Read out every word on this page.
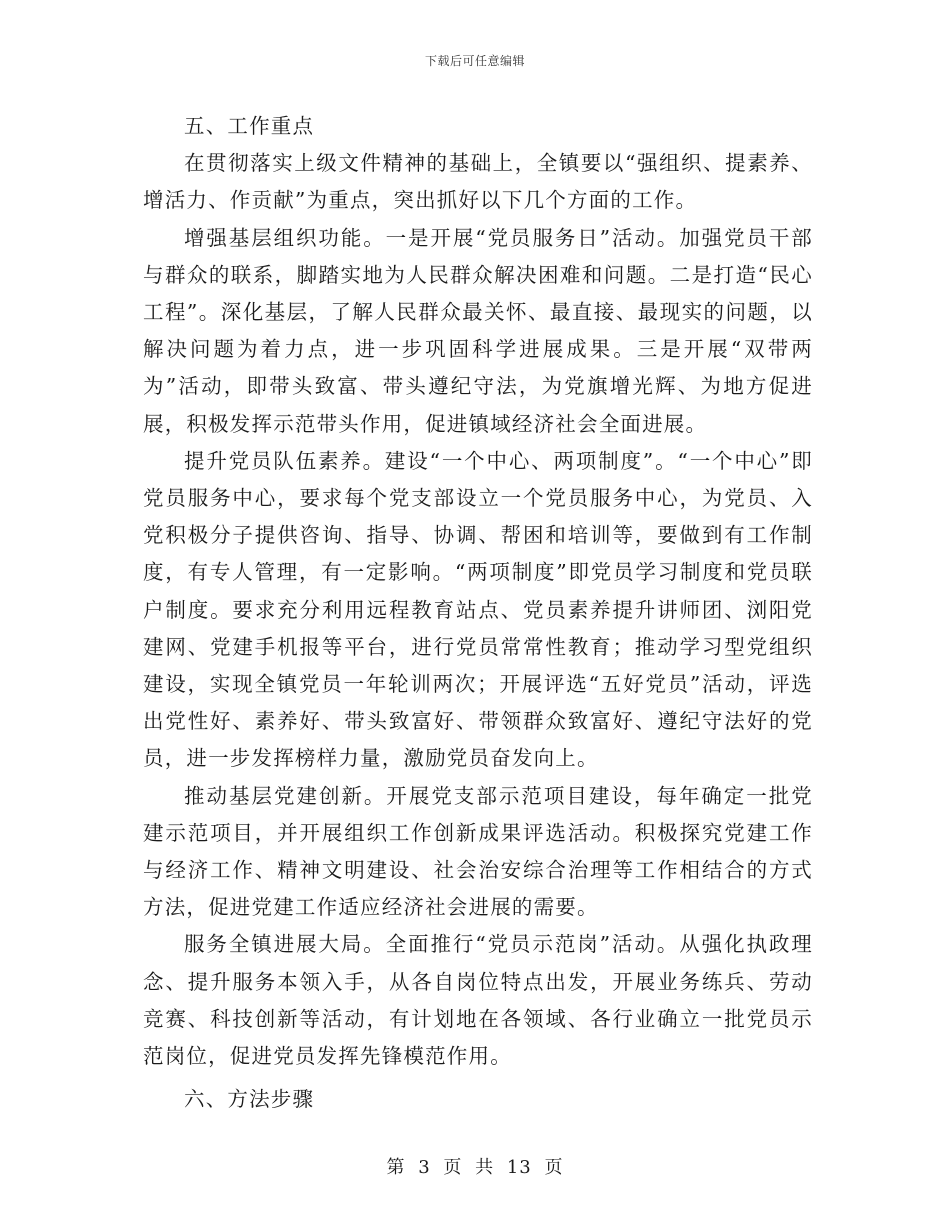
下载后可任意编辑

五、工作重点

在贯彻落实上级文件精神的基础上，全镇要以“强组织、提素养、增活力、作贡献”为重点，突出抓好以下几个方面的工作。

增强基层组织功能。一是开展“党员服务日”活动。加强党员干部与群众的联系，脚踏实地为人民群众解决困难和问题。二是打造“民心工程”。深化基层，了解人民群众最关怀、最直接、最现实的问题，以解决问题为着力点，进一步巩固科学进展成果。三是开展“双带两为”活动，即带头致富、带头遵纪守法，为党旗增光辉、为地方促进展，积极发挥示范带头作用，促进镇域经济社会全面进展。

提升党员队伍素养。建设“一个中心、两项制度”。“一个中心”即党员服务中心，要求每个党支部设立一个党员服务中心，为党员、入党积极分子提供咨询、指导、协调、帮困和培训等，要做到有工作制度，有专人管理，有一定影响。“两项制度”即党员学习制度和党员联户制度。要求充分利用远程教育站点、党员素养提升讲师团、浏阳党建网、党建手机报等平台，进行党员常常性教育；推动学习型党组织建设，实现全镇党员一年轮训两次；开展评选“五好党员”活动，评选出党性好、素养好、带头致富好、带领群众致富好、遵纪守法好的党员，进一步发挥榜样力量，激励党员奋发向上。

推动基层党建创新。开展党支部示范项目建设，每年确定一批党建示范项目，并开展组织工作创新成果评选活动。积极探究党建工作与经济工作、精神文明建设、社会治安综合治理等工作相结合的方式方法，促进党建工作适应经济社会进展的需要。

服务全镇进展大局。全面推行“党员示范岗”活动。从强化执政理念、提升服务本领入手，从各自岗位特点出发，开展业务练兵、劳动竞赛、科技创新等活动，有计划地在各领域、各行业确立一批党员示范岗位，促进党员发挥先锋模范作用。

六、方法步骤

第 3 页 共 13 页
